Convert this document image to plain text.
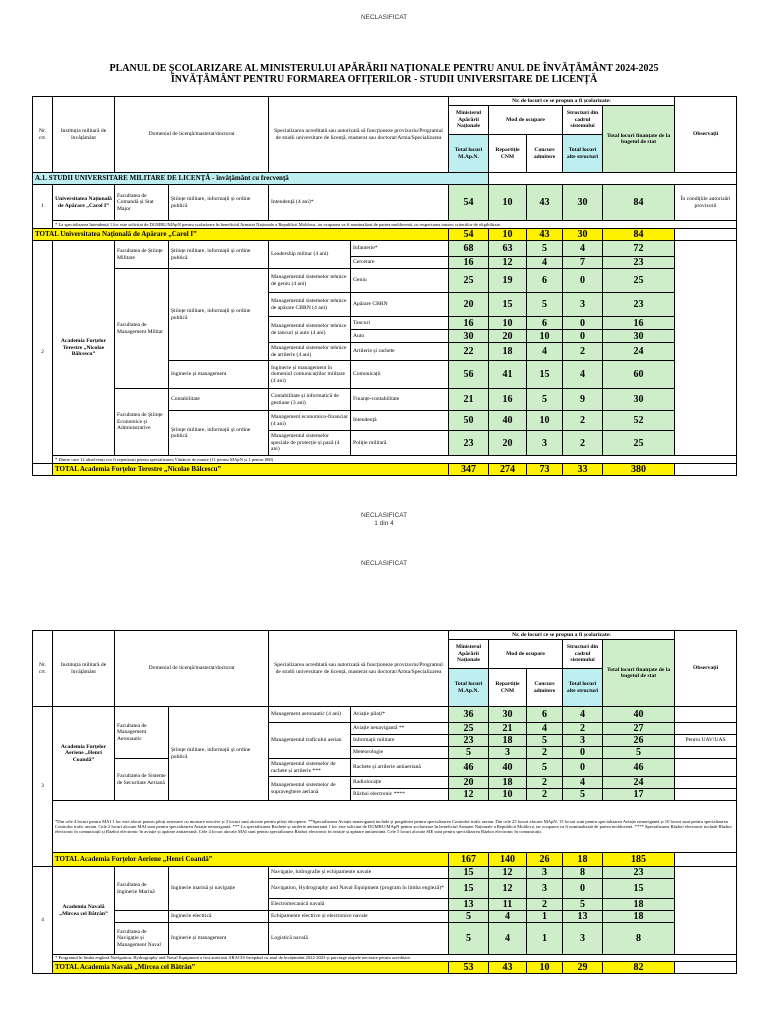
NECLASIFICAT
PLANUL DE ȘCOLARIZARE AL MINISTERULUI APĂRĂRII NAȚIONALE PENTRU ANUL DE ÎNVĂȚĂMÂNT 2024-2025
ÎNVĂȚĂMÂNT PENTRU FORMAREA OFIȚERILOR - STUDII UNIVERSITARE DE LICENȚĂ
Nr. crt.	Instituția militară de învățământ	Domeniul de licență/masterat/doctorat		Specializarea acreditată sau autorizată să funcționeze provizoriu/Programul de studii universitare de licență, masterat sau doctorat/Arma/Specializarea		Nr. de locuri ce se propun a fi școlarizate:					Observații
						Ministerul Apărării Naționale	Mod de ocupare		Structuri din cadrul sistemului	Total locuri finanțate de la bugetul de stat	
						Total locuri M.Ap.N.	Repartiție CNM	Concurs admitere	Total locuri alte structuri		
A.1. STUDII UNIVERSITARE MILITARE DE LICENȚĂ - învățământ cu frecvență											
1	Universitatea Națională de Apărare „Carol I”	Facultatea de Comandă și Stat Major	Științe militare, informații și ordine publică	Intendență (4 ani)*		54	10	43	30	84	În condițiile autorizări provizorii
	* La specializarea Intendență 1 loc este solicitat de DGMRU/MApN pentru școlarizare în beneficiul Armatei Naționale a Republicii Moldova, iar ocuparea va fi nominalizat de partea moldovenă, cu respectarea tuturor criteriilor de eligibilitate.										
TOTAL Universitatea Națională de Apărare „Carol I”						54	10	43	30	84	
2	Academia Forțelor Terestre „Nicolae Bălcescu”	Facultatea de Științe Militare	Științe militare, informații și ordine publică	Leadership militar (4 ani)	Infanterie*	68	63	5	4	72	
					Cercetare	16	12	4	7	23	
		Facultatea de Management Militar	Științe militare, informații și ordine publică	Managementul sistemelor tehnice de geniu (4 ani)	Geniu	25	19	6	0	25	
				Managementul sistemelor tehnice de apărare CBRN (4 ani)	Apărare CBRN	20	15	5	3	23	
				Managementul sistemelor tehnice de tancuri și auto (4 ani)	Tancuri	16	10	6	0	16	
					Auto	30	20	10	0	30	
				Managementul sistemelor tehnice de artilerie (4 ani)	Artilerie și rachete	22	18	4	2	24	
			Inginerie și management	Inginerie și management în domeniul comunicațiilor militare (4 ani)	Comunicații	56	41	15	4	60	
		Facultatea de Științe Economice și Administrative	Contabilitate	Contabilitate și informatică de gestiune (3 ani)	Finanțe-contabilitate	21	16	5	9	30	
			Științe militare, informații și ordine publică	Management economico-financiar (4 ani)	Intendență	50	40	10	2	52	
				Managementul sistemelor speciale de protecție și pază (4 ani)	Poliție militară	23	20	3	2	25	
	* Dintre care 12 absolvenți vor fi repartizați pentru specializarea Vânători de munte (11 pentru MApN și 1 pentru SRI)										
	TOTAL Academia Forțelor Terestre „Nicolae Bălcescu”					347	274	73	33	380	
NECLASIFICAT
1 din 4
NECLASIFICAT
Nr. crt.	Instituția militară de învățământ	Domeniul de licență/masterat/doctorat		Specializarea acreditată sau autorizată să funcționeze provizoriu/Programul de studii universitare de licență, masterat sau doctorat/Arma/Specializarea		Nr. de locuri ce se propun a fi școlarizate:					Observații
						Ministerul Apărării Naționale	Mod de ocupare		Structuri din cadrul sistemului	Total locuri finanțate de la bugetul de stat	
						Total locuri M.Ap.N.	Repartiție CNM	Concurs admitere	Total locuri alte structuri		
3	Academia Forțelor Aeriene „Henri Coandă”	Facultatea de Management Aeronautic	Științe militare, informații și ordine publică	Management aeronautic (4 ani)	Aviație piloți*	36	30	6	4	40	
				Managementul traficului aerian	Aviație nenavigantă **	25	21	4	2	27	
					Informații militare	23	18	5	3	26	Pentru UAV/UAS
					Meteorologie	5	3	2	0	5	
		Facultatea de Sisteme de Securitate Aeriană		Managementul sistemelor de rachete și artilerie ***	Rachete și artilerie antiaeriană	46	40	5	0	46	
				Managementul sistemelor de supraveghere aeriană	Radiolocație	20	18	2	4	24	
					Război electronic ****	12	10	2	5	17	
	*Din cele 4 locuri pentru MAI 1 loc este alocat pentru piloți aeronave cu motoare reactive și 3 locuri sunt alocate pentru piloți elicoptere. **Specializarea Aviație nenavigantă include și pregătirea pentru specializarea Controlor trafic aerian. Din cele 25 locuri alocate MApN, 15 locuri sunt pentru specializarea Aviație nenavigantă și 10 locuri sunt pentru specializarea Controlor trafic aerian. Cele 2 locuri alocate MAI sunt pentru specializarea Aviație nenavigantă. *** La specializarea Rachete și artilerie antiaeriană 1 loc este solicitat de DGMRU/MApN pentru școlarizare în beneficiul Armatei Naționale a Republicii Moldova, iar ocuparea va fi nominalizată de partea moldovenă. **** Specializarea Război electronic include Război electronic în comunicații și Război electronic în aviație și apărare antiaeriană. Cele 4 locuri alocate MAI sunt pentru specializarea Război electronic în aviație și apărare antiaeriană. Cele 5 locuri alocate SIE sunt pentru specializarea Război electronic în comunicații.										
	TOTAL Academia Forțelor Aeriene „Henri Coandă”					167	140	26	18	185	
4	Academia Navală „Mircea cel Bătrân”	Facultatea de Inginerie Marină	Inginerie marină și navigație	Navigație, hidrografie și echipamente navale		15	12	3	8	23	
				Navigation, Hydrography and Naval Equipment (program în limba engleză)*		15	12	3	0	15	
				Electromecanică navală		13	11	2	5	18	
			Inginerie electrică	Echipamente electrice și electronice navale		5	4	1	13	18	
		Facultatea de Navigație și Management Naval	Inginerie și management	Logistică navală		5	4	1	3	8	
	* Programul în limba engleză Navigation, Hydrography and Naval Equipment a fost autorizat ARACIS începând cu anul de învățământ 2022-2023 și parcurge etapele necesare pentru acreditare.										
	TOTAL Academia Navală „Mircea cel Bătrân”					53	43	10	29	82	
